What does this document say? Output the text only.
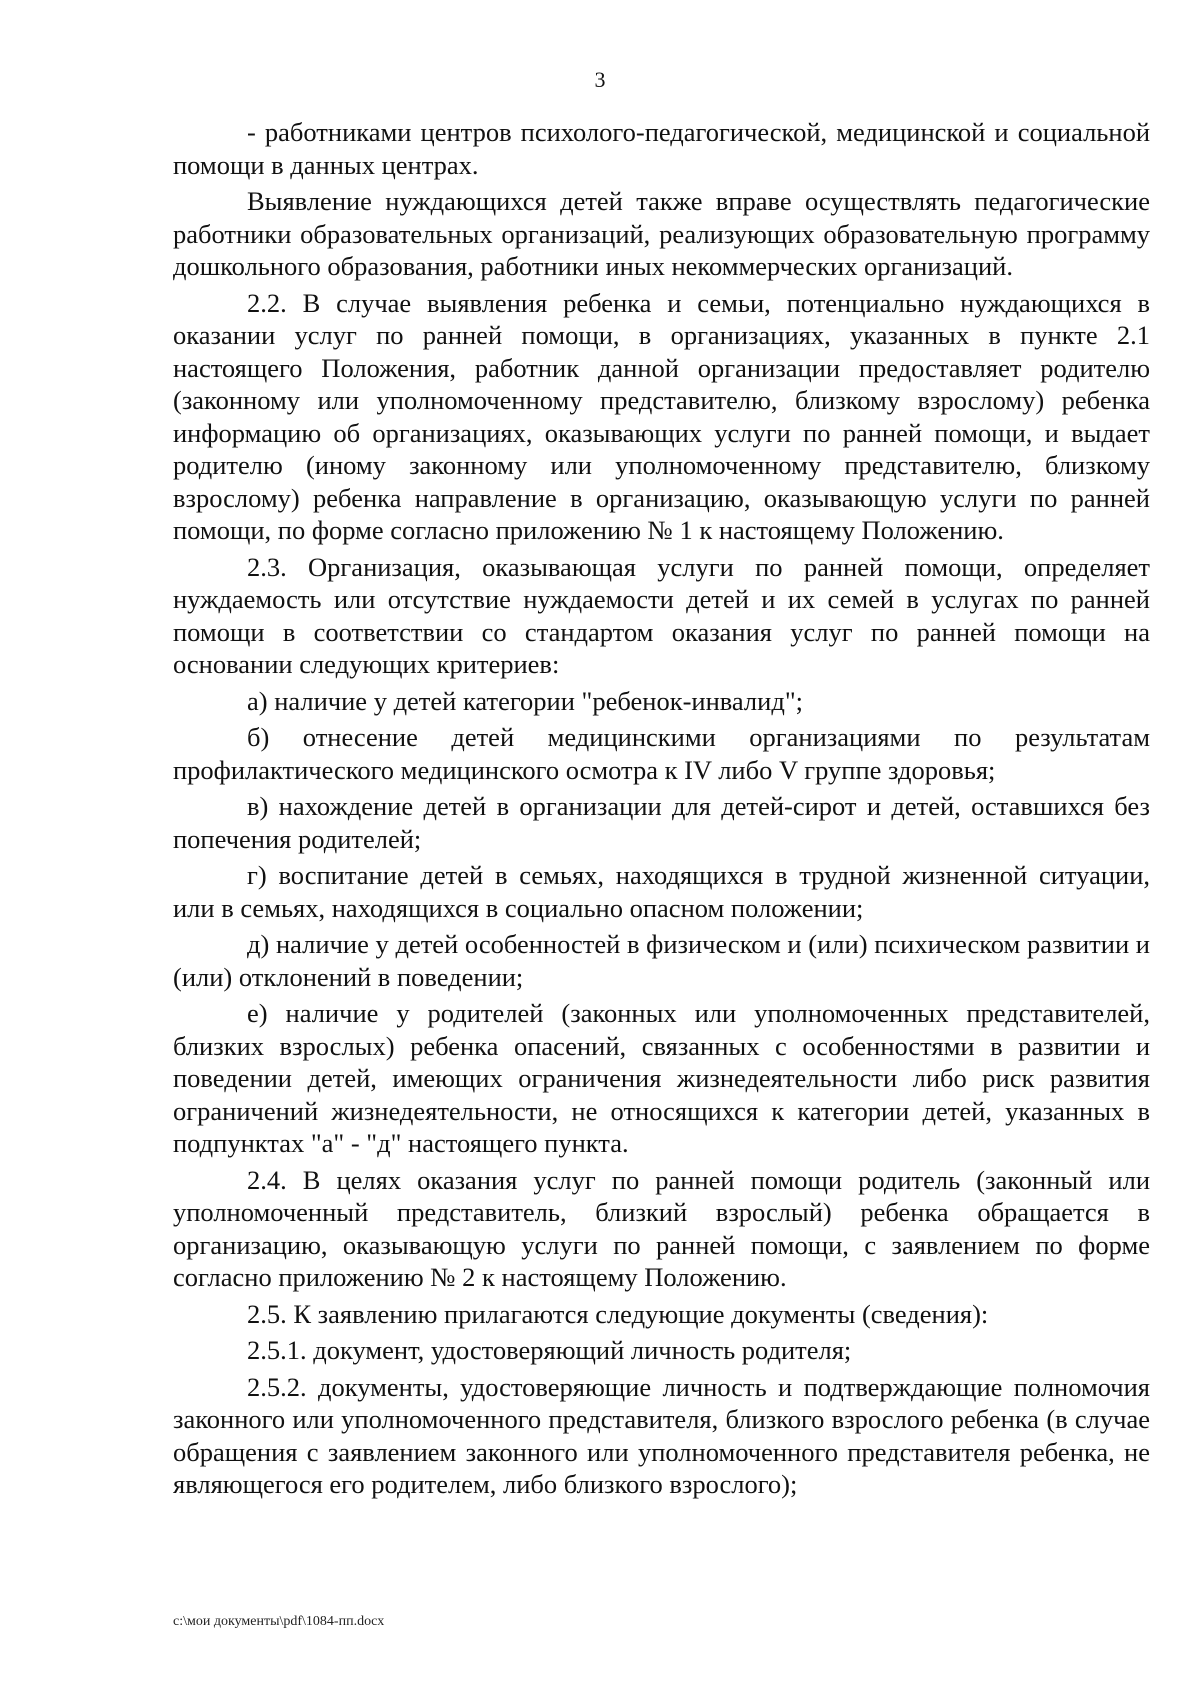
3

- работниками центров психолого-педагогической, медицинской и социальной помощи в данных центрах.

Выявление нуждающихся детей также вправе осуществлять педагогические работники образовательных организаций, реализующих образовательную программу дошкольного образования, работники иных некоммерческих организаций.

2.2. В случае выявления ребенка и семьи, потенциально нуждающихся в оказании услуг по ранней помощи, в организациях, указанных в пункте 2.1 настоящего Положения, работник данной организации предоставляет родителю (законному или уполномоченному представителю, близкому взрослому) ребенка информацию об организациях, оказывающих услуги по ранней помощи, и выдает родителю (иному законному или уполномоченному представителю, близкому взрослому) ребенка направление в организацию, оказывающую услуги по ранней помощи, по форме согласно приложению № 1 к настоящему Положению.

2.3. Организация, оказывающая услуги по ранней помощи, определяет нуждаемость или отсутствие нуждаемости детей и их семей в услугах по ранней помощи в соответствии со стандартом оказания услуг по ранней помощи на основании следующих критериев:

а) наличие у детей категории "ребенок-инвалид";

б) отнесение детей медицинскими организациями по результатам профилактического медицинского осмотра к IV либо V группе здоровья;

в) нахождение детей в организации для детей-сирот и детей, оставшихся без попечения родителей;

г) воспитание детей в семьях, находящихся в трудной жизненной ситуации, или в семьях, находящихся в социально опасном положении;

д) наличие у детей особенностей в физическом и (или) психическом развитии и (или) отклонений в поведении;

е) наличие у родителей (законных или уполномоченных представителей, близких взрослых) ребенка опасений, связанных с особенностями в развитии и поведении детей, имеющих ограничения жизнедеятельности либо риск развития ограничений жизнедеятельности, не относящихся к категории детей, указанных в подпунктах "а" - "д" настоящего пункта.

2.4. В целях оказания услуг по ранней помощи родитель (законный или уполномоченный представитель, близкий взрослый) ребенка обращается в организацию, оказывающую услуги по ранней помощи, с заявлением по форме согласно приложению № 2 к настоящему Положению.

2.5. К заявлению прилагаются следующие документы (сведения):

2.5.1. документ, удостоверяющий личность родителя;

2.5.2. документы, удостоверяющие личность и подтверждающие полномочия законного или уполномоченного представителя, близкого взрослого ребенка (в случае обращения с заявлением законного или уполномоченного представителя ребенка, не являющегося его родителем, либо близкого взрослого);

c:\мои документы\pdf\1084-пп.docx
